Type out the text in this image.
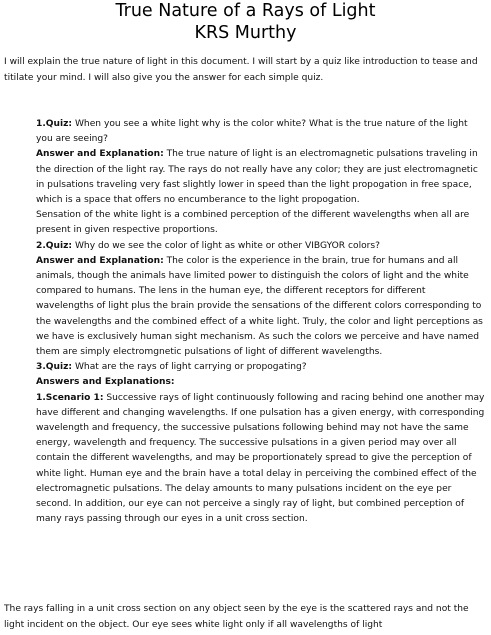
True Nature of a Rays of Light
KRS Murthy

I will explain the true nature of light in this document. I will start by a quiz like introduction to tease and titilate your mind. I will also give you the answer for each simple quiz.

1.Quiz: When you see a white light why is the color white? What is the true nature of the light you are seeing?

Answer and Explanation: The true nature of light is an electromagnetic pulsations traveling in the direction of the light ray. The rays do not really have any color; they are just electromagnetic in pulsations traveling very fast slightly lower in speed than the light propogation in free space, which is a space that offers no encumberance to the light propogation.

Sensation of the white light is a combined perception of the different wavelengths when all are present in given respective proportions.

2.Quiz: Why do we see the color of light as white or other VIBGYOR colors?

Answer and Explanation: The color is the experience in the brain, true for humans and all animals, though the animals have limited power to distinguish the colors of light and the white compared to humans. The lens in the human eye, the different receptors for different wavelengths of light plus the brain provide the sensations of the different colors corresponding to the wavelengths and the combined effect of a white light. Truly, the color and light perceptions as we have is exclusively human sight mechanism. As such the colors we perceive and have named them are simply electromgnetic pulsations of light of different wavelengths.

3.Quiz: What are the rays of light carrying or propogating?

Answers and Explanations:

1.Scenario 1: Successive rays of light continuously following and racing behind one another may have different and changing wavelengths. If one pulsation has a given energy, with corresponding wavelength and frequency, the successive pulsations following behind may not have the same energy, wavelength and frequency. The successive pulsations in a given period may over all contain the different wavelengths, and may be proportionately spread to give the perception of white light. Human eye and the brain have a total delay in perceiving the combined effect of the electromagnetic pulsations. The delay amounts to many pulsations incident on the eye per second. In addition, our eye can not perceive a singly ray of light, but combined perception of many rays passing through our eyes in a unit cross section.

The rays falling in a unit cross section on any object seen by the eye is the scattered rays and not the light incident on the object. Our eye sees white light only if all wavelengths of light
